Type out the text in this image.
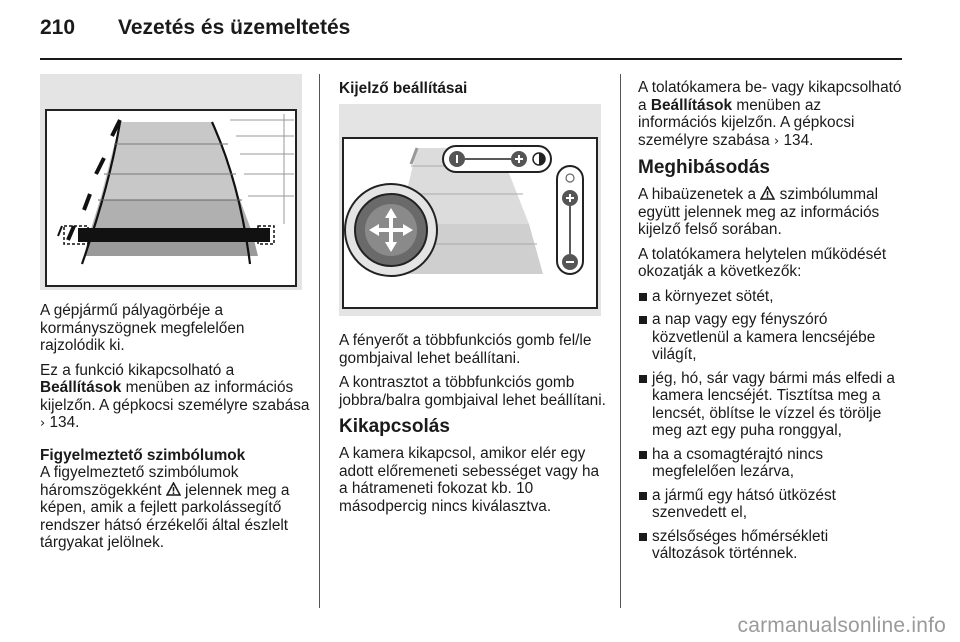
210 Vezetés és üzemeltetés

A gépjármű pályagörbéje a kormányszögnek megfelelően rajzolódik ki.

Ez a funkció kikapcsolható a Beállítások menüben az információs kijelzőn. A gépkocsi személyre szabása › 134.

Figyelmeztető szimbólumok

A figyelmeztető szimbólumok háromszögekként jelennek meg a képen, amik a fejlett parkolássegítő rendszer hátsó érzékelői által észlelt tárgyakat jelölnek.

Kijelző beállításai

A fényerőt a többfunkciós gomb fel/le gombjaival lehet beállítani.

A kontrasztot a többfunkciós gomb jobbra/balra gombjaival lehet beállítani.

Kikapcsolás

A kamera kikapcsol, amikor elér egy adott előremeneti sebességet vagy ha a hátrameneti fokozat kb. 10 másodpercig nincs kiválasztva.

A tolatókamera be- vagy kikapcsolható a Beállítások menüben az információs kijelzőn. A gépkocsi személyre szabása › 134.

Meghibásodás

A hibaüzenetek a szimbólummal együtt jelennek meg az információs kijelző felső sorában.

A tolatókamera helytelen működését okozatják a következők:

a környezet sötét,
a nap vagy egy fényszóró közvetlenül a kamera lencséjébe világít,
jég, hó, sár vagy bármi más elfedi a kamera lencséjét. Tisztítsa meg a lencsét, öblítse le vízzel és törölje meg azt egy puha ronggyal,
ha a csomagtérajtó nincs megfelelően lezárva,
a jármű egy hátsó ütközést szenvedett el,
szélsőséges hőmérsékleti változások történnek.
carmanualsonline.info
